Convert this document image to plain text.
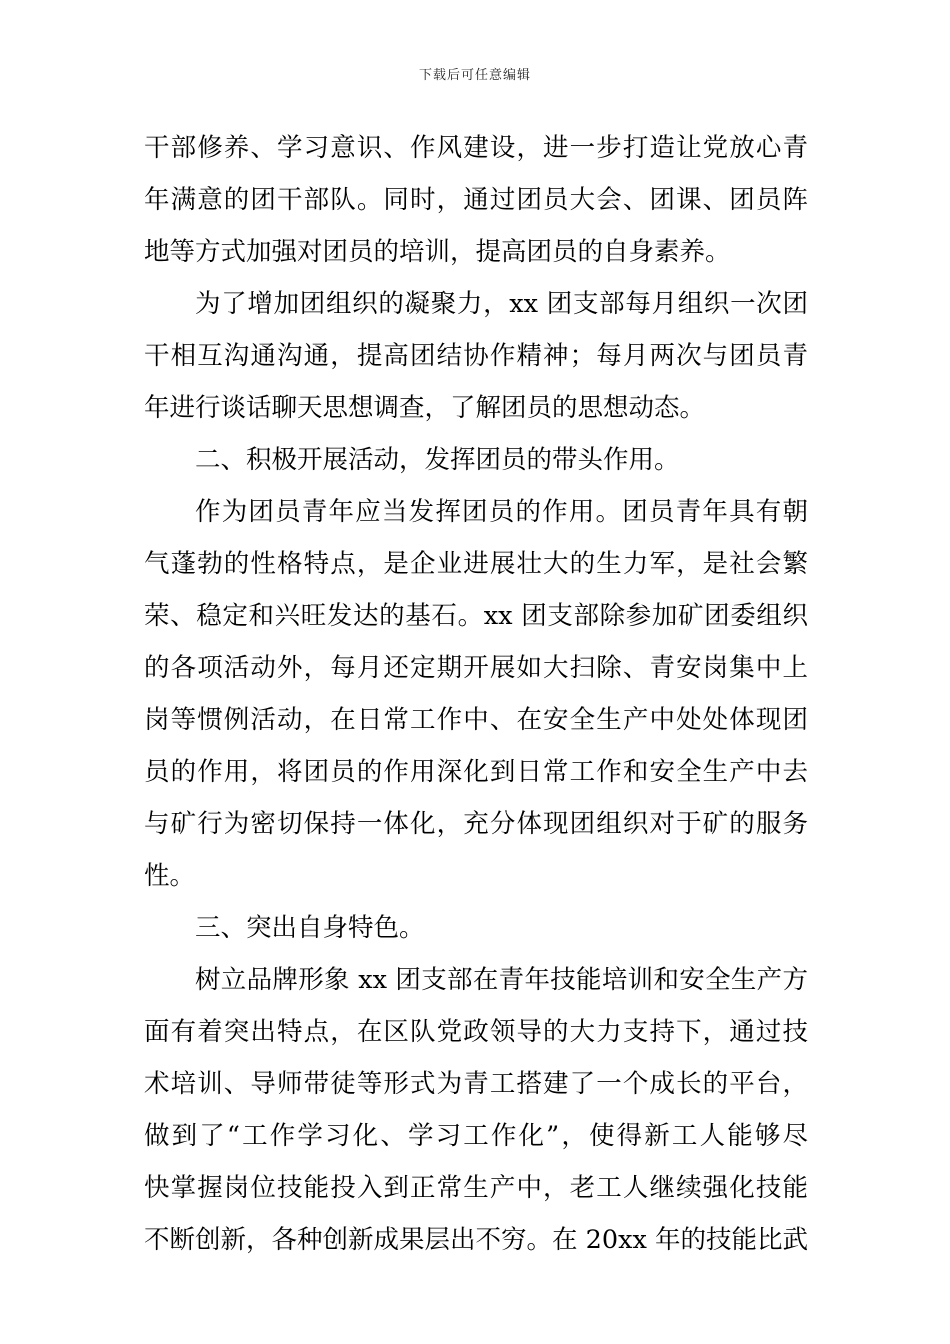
下载后可任意编辑
干部修养、学习意识、作风建设，进一步打造让党放心青
年满意的团干部队。同时，通过团员大会、团课、团员阵
地等方式加强对团员的培训，提高团员的自身素养。
为了增加团组织的凝聚力，xx 团支部每月组织一次团
干相互沟通沟通，提高团结协作精神；每月两次与团员青
年进行谈话聊天思想调查，了解团员的思想动态。
二、积极开展活动，发挥团员的带头作用。
作为团员青年应当发挥团员的作用。团员青年具有朝
气蓬勃的性格特点，是企业进展壮大的生力军，是社会繁
荣、稳定和兴旺发达的基石。xx 团支部除参加矿团委组织
的各项活动外，每月还定期开展如大扫除、青安岗集中上
岗等惯例活动，在日常工作中、在安全生产中处处体现团
员的作用，将团员的作用深化到日常工作和安全生产中去
与矿行为密切保持一体化，充分体现团组织对于矿的服务
性。
三、突出自身特色。
树立品牌形象 xx 团支部在青年技能培训和安全生产方
面有着突出特点，在区队党政领导的大力支持下，通过技
术培训、导师带徒等形式为青工搭建了一个成长的平台，
做到了“工作学习化、学习工作化”，使得新工人能够尽
快掌握岗位技能投入到正常生产中，老工人继续强化技能
不断创新，各种创新成果层出不穷。在 20xx 年的技能比武
